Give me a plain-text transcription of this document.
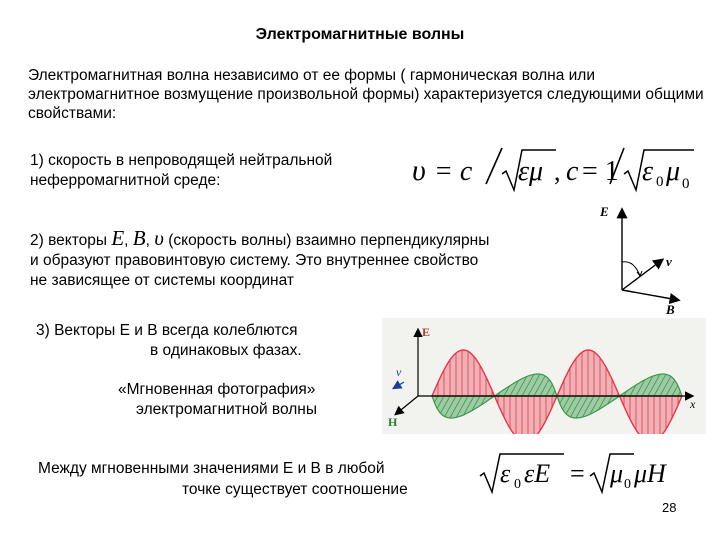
Электромагнитные волны
Электромагнитная волна независимо от ее формы ( гармоническая волна или электромагнитное возмущение произвольной формы) характеризуется следующими общими свойствами:
1) скорость в непроводящей нейтральной
неферромагнитной среде:	υ = c εμ , c = 1 ε 0 μ 0
2) векторы E, B, υ (скорость волны) взаимно перпендикулярны
и образуют правовинтовую систему. Это внутреннее свойство
не зависящее от системы координат
E
v
B
3) Векторы Е и В всегда колеблются
в одинаковых фазах.
E
v
H
x
«Мгновенная фотография»
электромагнитной волны
Между мгновенными значениями Е и В в любой
точке существует соотношение
ε 0 εE = μ 0 μH
28
